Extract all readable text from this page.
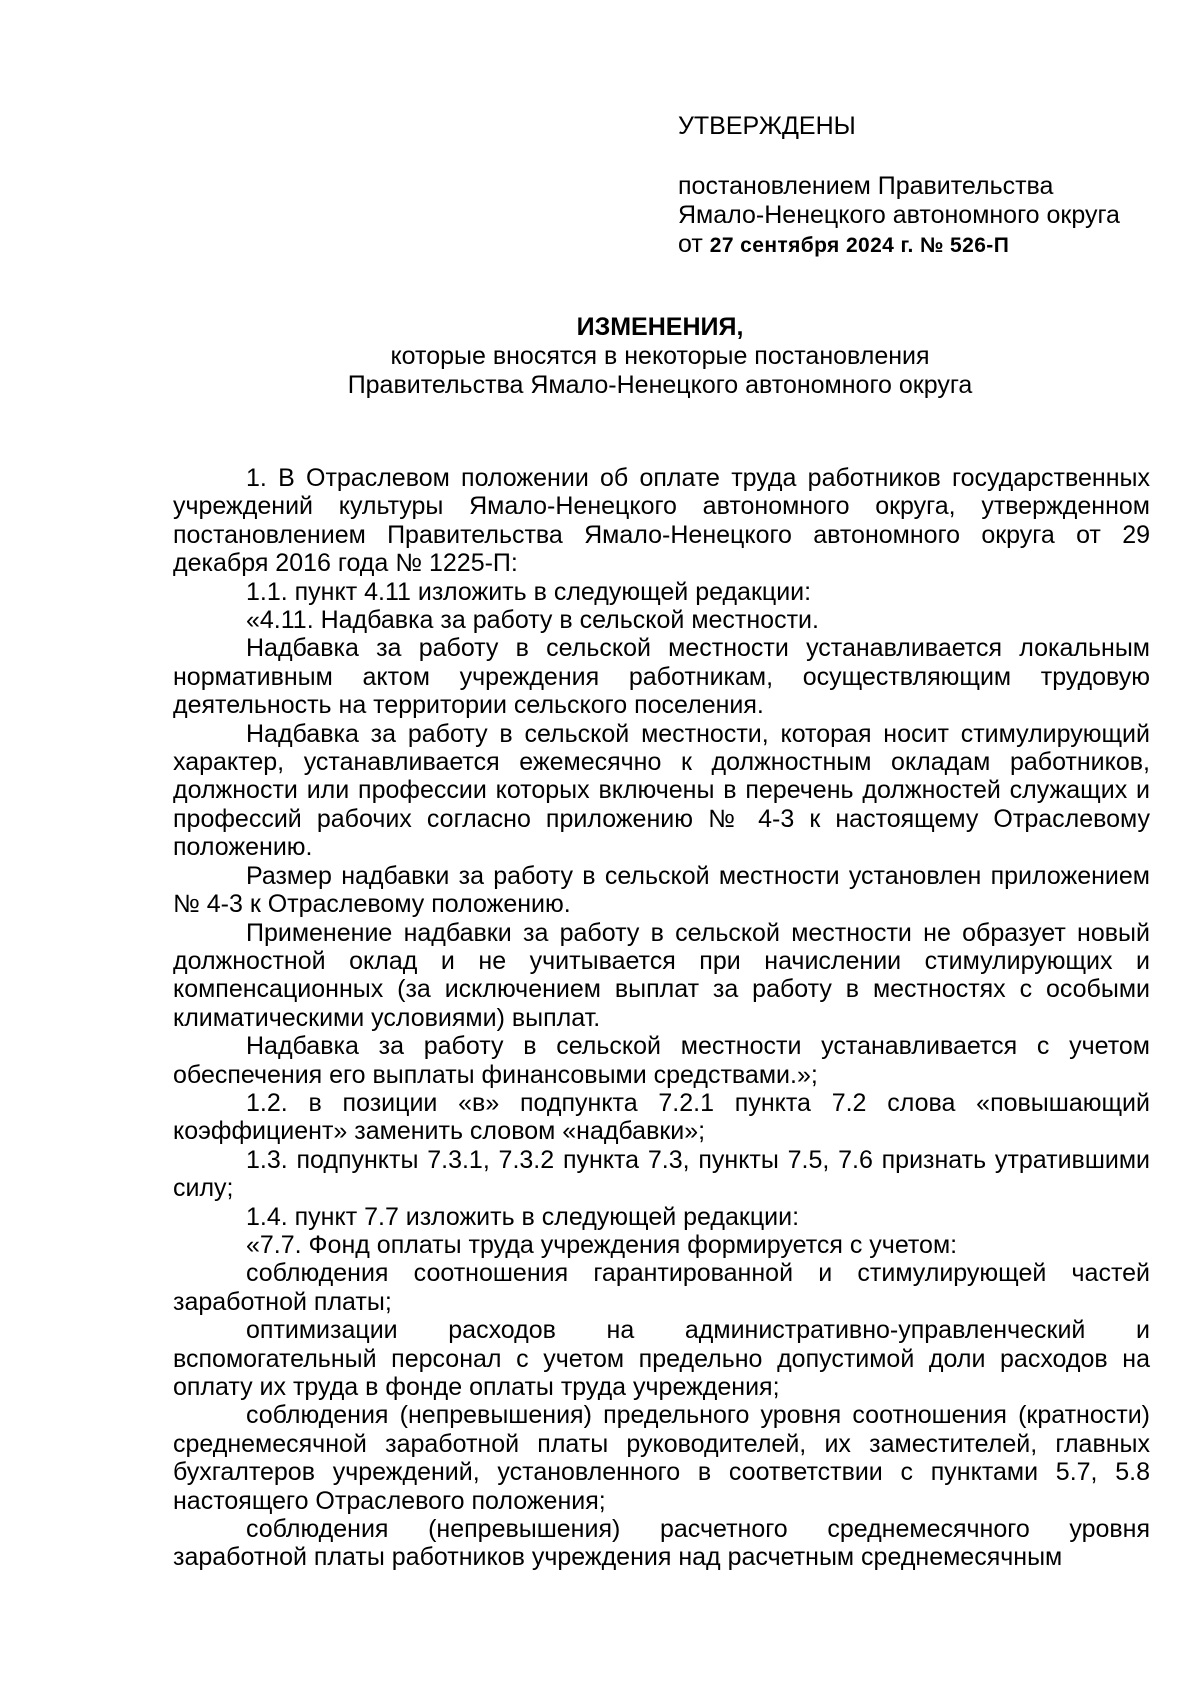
УТВЕРЖДЕНЫ
постановлением Правительства
Ямало-Ненецкого автономного округа
от 27 сентября 2024 г. № 526-П
ИЗМЕНЕНИЯ,
которые вносятся в некоторые постановления
Правительства Ямало-Ненецкого автономного округа

1. В Отраслевом положении об оплате труда работников государственных учреждений культуры Ямало-Ненецкого автономного округа, утвержденном постановлением Правительства Ямало-Ненецкого автономного округа от 29 декабря 2016 года № 1225-П:

1.1. пункт 4.11 изложить в следующей редакции:

«4.11. Надбавка за работу в сельской местности.

Надбавка за работу в сельской местности устанавливается локальным нормативным актом учреждения работникам, осуществляющим трудовую деятельность на территории сельского поселения.

Надбавка за работу в сельской местности, которая носит стимулирующий характер, устанавливается ежемесячно к должностным окладам работников, должности или профессии которых включены в перечень должностей служащих и профессий рабочих согласно приложению № 4-3 к настоящему Отраслевому положению.

Размер надбавки за работу в сельской местности установлен приложением № 4-3 к Отраслевому положению.

Применение надбавки за работу в сельской местности не образует новый должностной оклад и не учитывается при начислении стимулирующих и компенсационных (за исключением выплат за работу в местностях с особыми климатическими условиями) выплат.

Надбавка за работу в сельской местности устанавливается с учетом обеспечения его выплаты финансовыми средствами.»;

1.2. в позиции «в» подпункта 7.2.1 пункта 7.2 слова «повышающий коэффициент» заменить словом «надбавки»;

1.3. подпункты 7.3.1, 7.3.2 пункта 7.3, пункты 7.5, 7.6 признать утратившими силу;

1.4. пункт 7.7 изложить в следующей редакции:

«7.7. Фонд оплаты труда учреждения формируется с учетом:

соблюдения соотношения гарантированной и стимулирующей частей заработной платы;

оптимизации расходов на административно-управленческий и вспомогательный персонал с учетом предельно допустимой доли расходов на оплату их труда в фонде оплаты труда учреждения;

соблюдения (непревышения) предельного уровня соотношения (кратности) среднемесячной заработной платы руководителей, их заместителей, главных бухгалтеров учреждений, установленного в соответствии с пунктами 5.7, 5.8 настоящего Отраслевого положения;

соблюдения (непревышения) расчетного среднемесячного уровня заработной платы работников учреждения над расчетным среднемесячным
